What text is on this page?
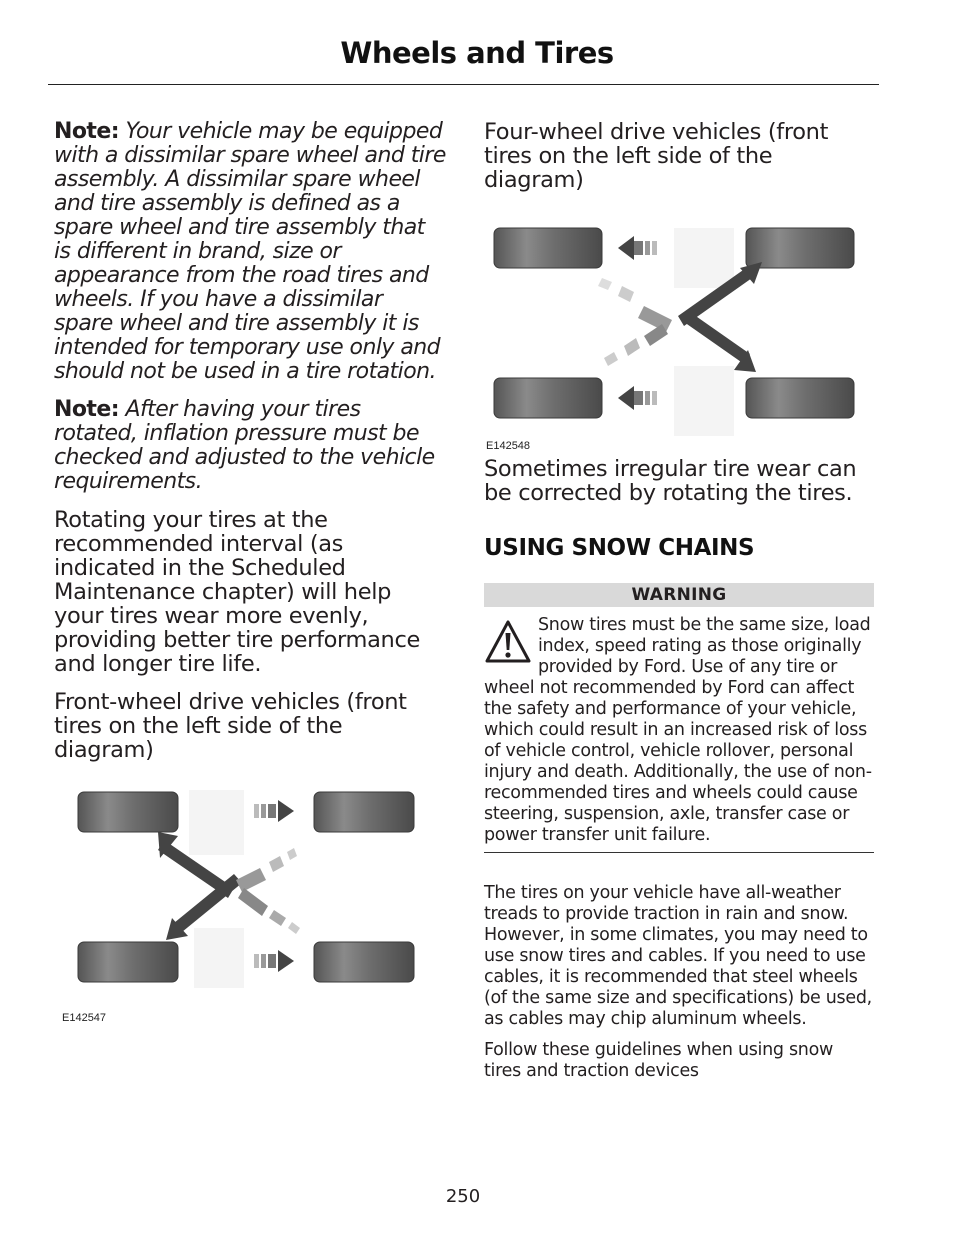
Wheels and Tires

Note: Your vehicle may be equipped with a dissimilar spare wheel and tire assembly. A dissimilar spare wheel and tire assembly is defined as a spare wheel and tire assembly that is different in brand, size or appearance from the road tires and wheels. If you have a dissimilar spare wheel and tire assembly it is intended for temporary use only and should not be used in a tire rotation.

Note: After having your tires rotated, inflation pressure must be checked and adjusted to the vehicle requirements.

Rotating your tires at the recommended interval (as indicated in the Scheduled Maintenance chapter) will help your tires wear more evenly, providing better tire performance and longer tire life.

Front-wheel drive vehicles (front tires on the left side of the diagram)

E142547

Four-wheel drive vehicles (front tires on the left side of the diagram)

E142548

Sometimes irregular tire wear can be corrected by rotating the tires.

USING SNOW CHAINS
WARNING
Snow tires must be the same size, load index, speed rating as those originally provided by Ford. Use of any tire or wheel not recommended by Ford can affect the safety and performance of your vehicle, which could result in an increased risk of loss of vehicle control, vehicle rollover, personal injury and death. Additionally, the use of non-recommended tires and wheels could cause steering, suspension, axle, transfer case or power transfer unit failure.

The tires on your vehicle have all-weather treads to provide traction in rain and snow. However, in some climates, you may need to use snow tires and cables. If you need to use cables, it is recommended that steel wheels (of the same size and specifications) be used, as cables may chip aluminum wheels.

Follow these guidelines when using snow tires and traction devices

250
